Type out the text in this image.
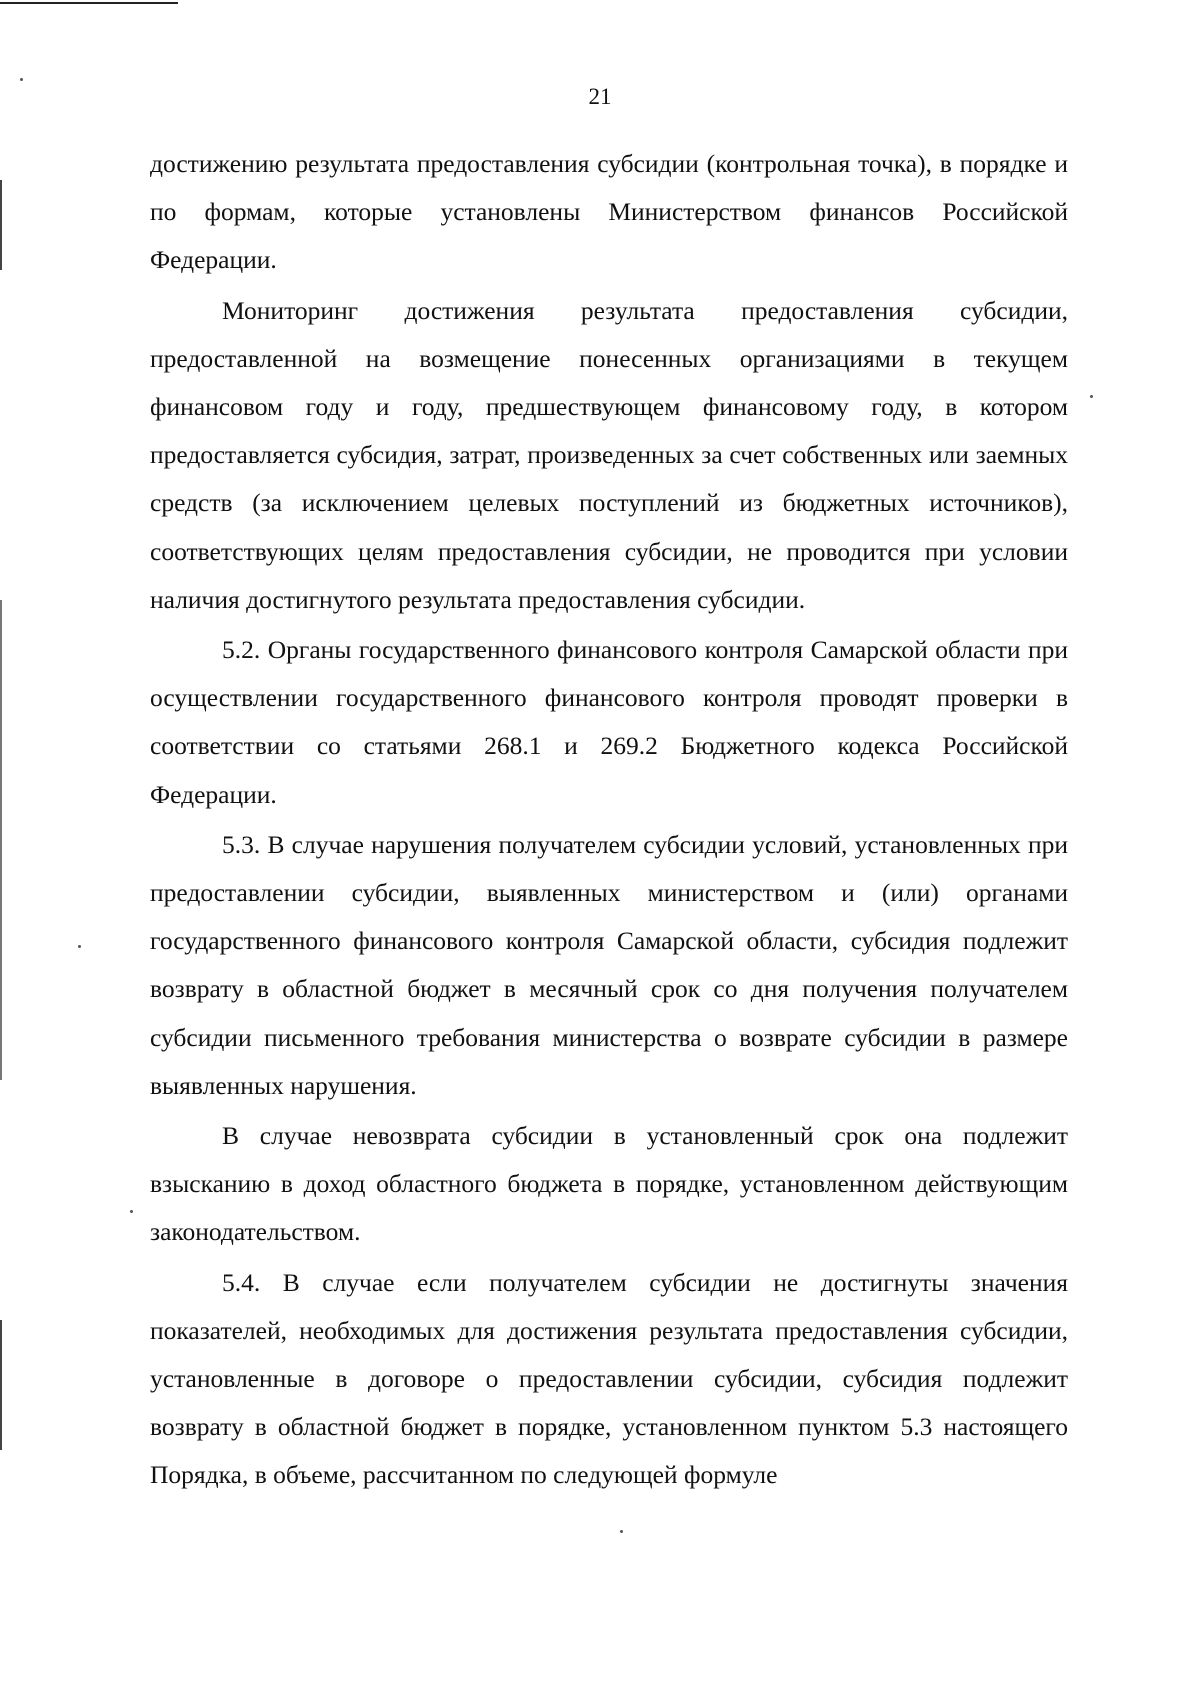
21

достижению результата предоставления субсидии (контрольная точка), в порядке и по формам, которые установлены Министерством финансов Российской Федерации.

Мониторинг достижения результата предоставления субсидии, предоставленной на возмещение понесенных организациями в текущем финансовом году и году, предшествующем финансовому году, в котором предоставляется субсидия, затрат, произведенных за счет собственных или заемных средств (за исключением целевых поступлений из бюджетных источников), соответствующих целям предоставления субсидии, не проводится при условии наличия достигнутого результата предоставления субсидии.

5.2. Органы государственного финансового контроля Самарской области при осуществлении государственного финансового контроля проводят проверки в соответствии со статьями 268.1 и 269.2 Бюджетного кодекса Российской Федерации.

5.3. В случае нарушения получателем субсидии условий, установленных при предоставлении субсидии, выявленных министерством и (или) органами государственного финансового контроля Самарской области, субсидия подлежит возврату в областной бюджет в месячный срок со дня получения получателем субсидии письменного требования министерства о возврате субсидии в размере выявленных нарушения.

В случае невозврата субсидии в установленный срок она подлежит взысканию в доход областного бюджета в порядке, установленном действующим законодательством.

5.4. В случае если получателем субсидии не достигнуты значения показателей, необходимых для достижения результата предоставления субсидии, установленные в договоре о предоставлении субсидии, субсидия подлежит возврату в областной бюджет в порядке, установленном пунктом 5.3 настоящего Порядка, в объеме, рассчитанном по следующей формуле
